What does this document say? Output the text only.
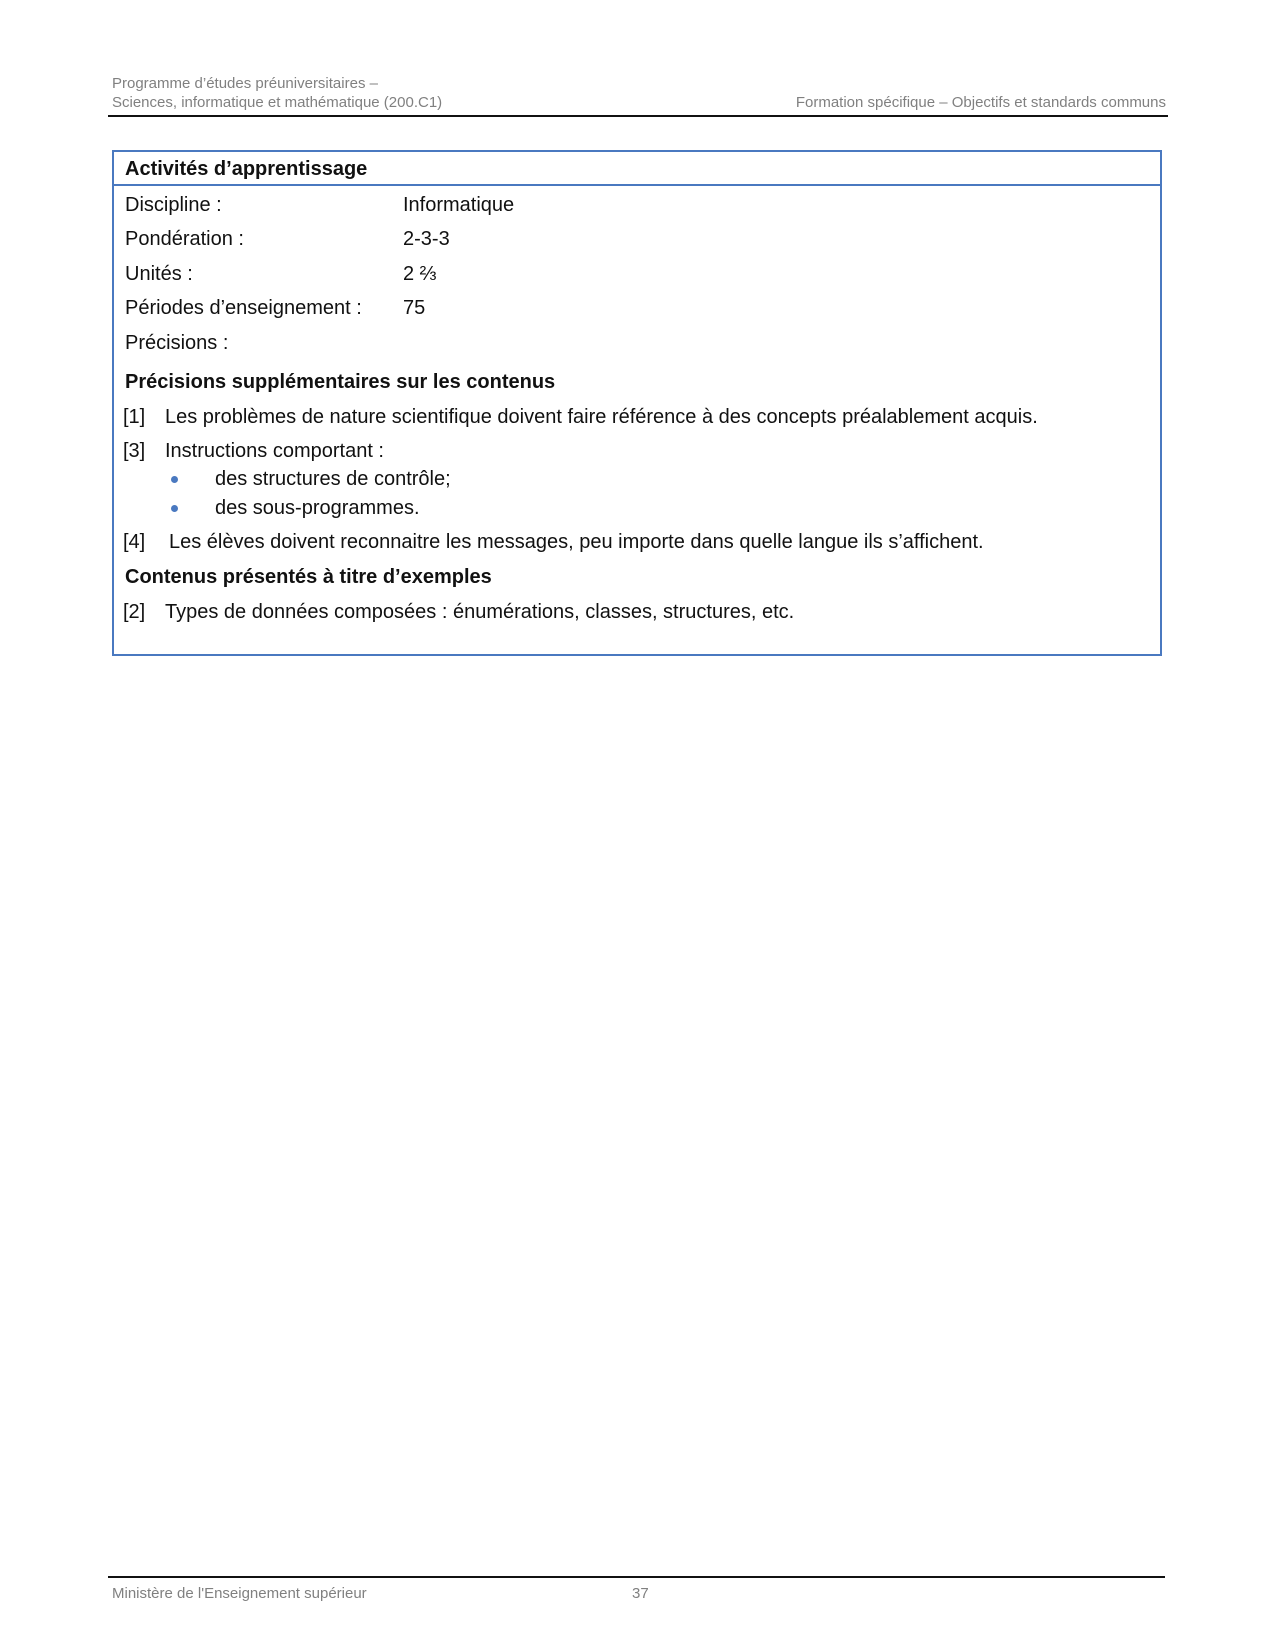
Programme d’études préuniversitaires –
Sciences, informatique et mathématique (200.C1)	Formation spécifique – Objectifs et standards communs
Activités d’apprentissage
Discipline :	Informatique
Pondération :	2-3-3
Unités :	2 ⅔
Périodes d’enseignement :	75
Précisions :
Précisions supplémentaires sur les contenus
[1] Les problèmes de nature scientifique doivent faire référence à des concepts préalablement acquis.
[3] Instructions comportant :
des structures de contrôle;
des sous-programmes.
[4] Les élèves doivent reconnaitre les messages, peu importe dans quelle langue ils s’affichent.
Contenus présentés à titre d’exemples
[2] Types de données composées : énumérations, classes, structures, etc.
Ministère de l'Enseignement supérieur	37
